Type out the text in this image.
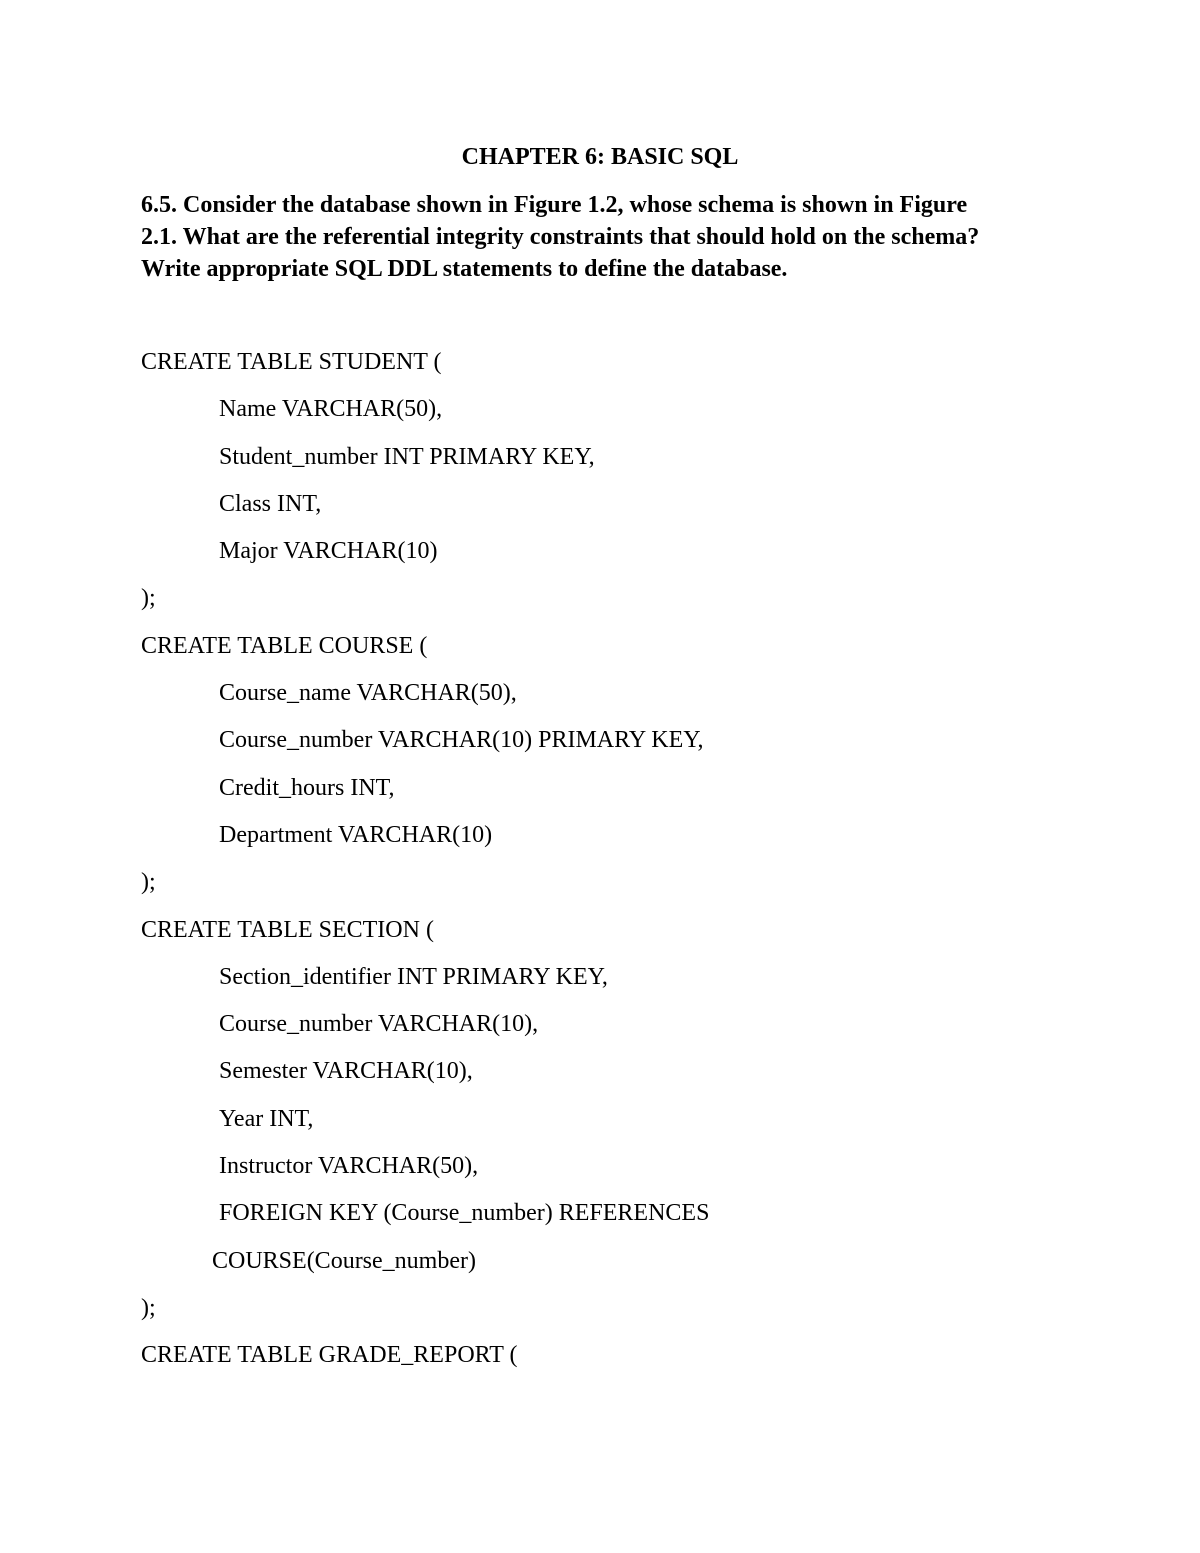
CHAPTER 6: BASIC SQL
6.5. Consider the database shown in Figure 1.2, whose schema is shown in Figure
2.1. What are the referential integrity constraints that should hold on the schema?
Write appropriate SQL DDL statements to define the database.
CREATE TABLE STUDENT (
Name VARCHAR(50),
Student_number INT PRIMARY KEY,
Class INT,
Major VARCHAR(10)
);
CREATE TABLE COURSE (
Course_name VARCHAR(50),
Course_number VARCHAR(10) PRIMARY KEY,
Credit_hours INT,
Department VARCHAR(10)
);
CREATE TABLE SECTION (
Section_identifier INT PRIMARY KEY,
Course_number VARCHAR(10),
Semester VARCHAR(10),
Year INT,
Instructor VARCHAR(50),
FOREIGN KEY (Course_number) REFERENCES
COURSE(Course_number)
);
CREATE TABLE GRADE_REPORT (
